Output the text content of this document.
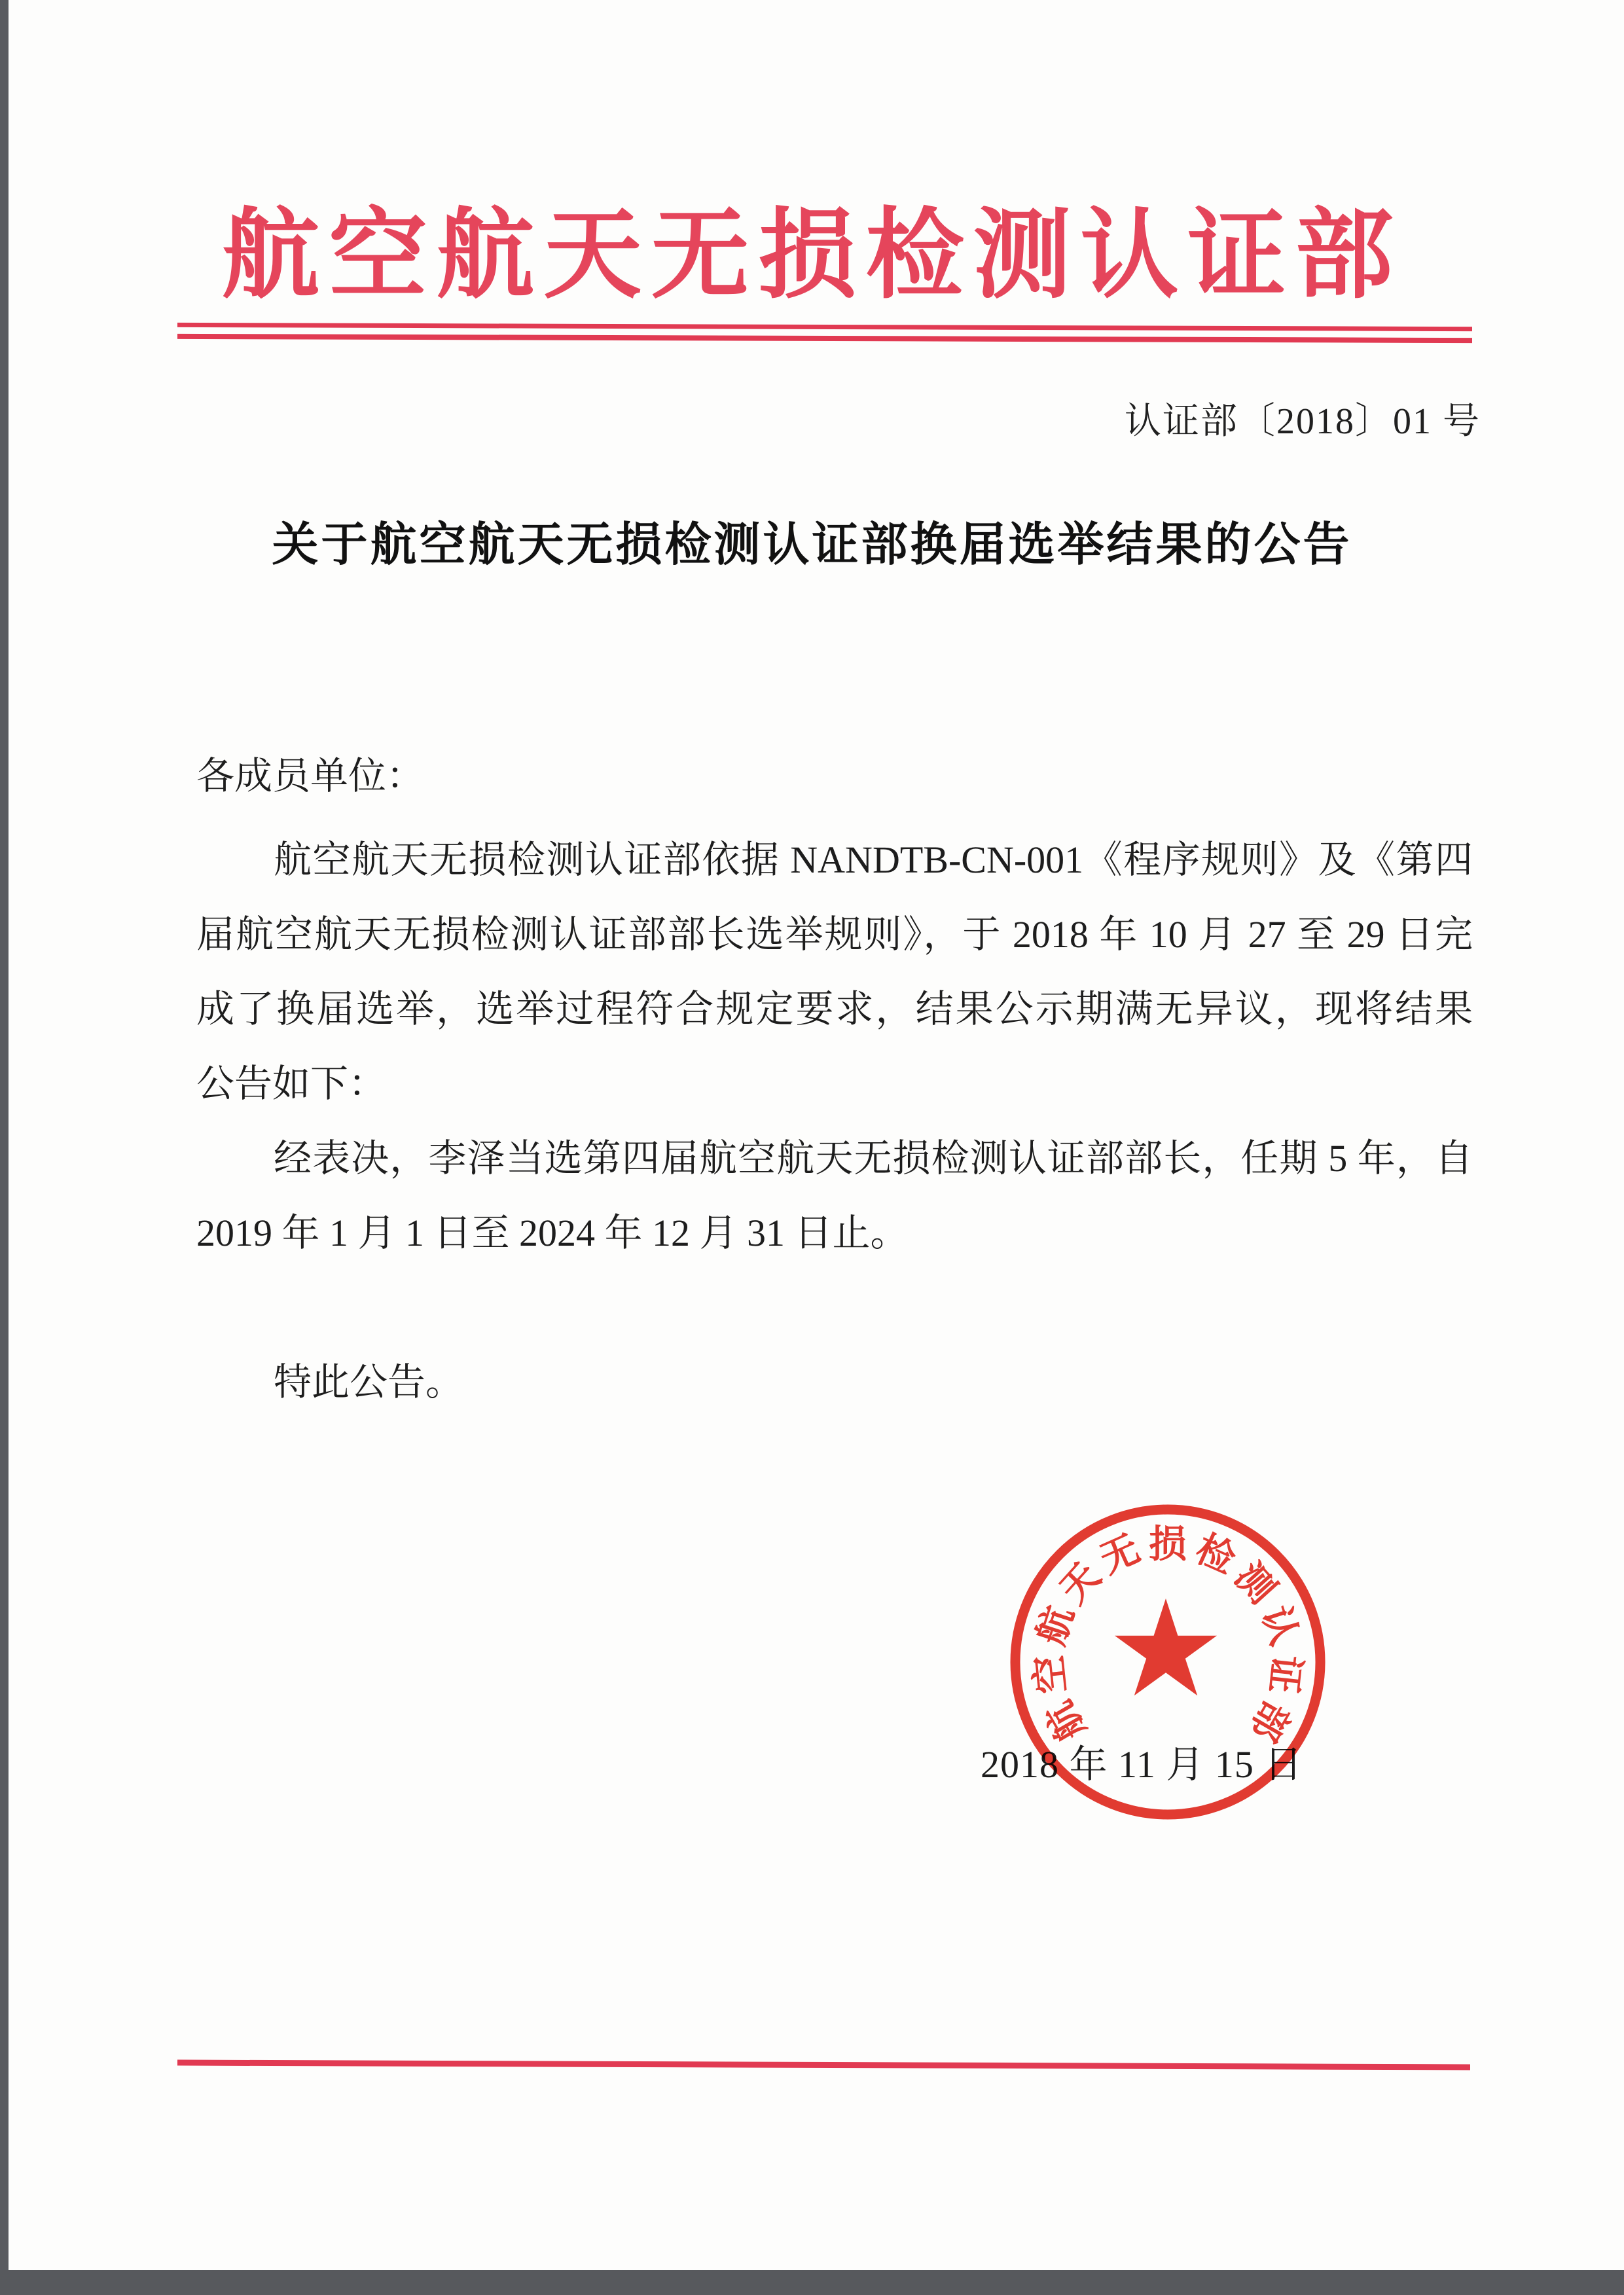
航空航天无损检测认证部
认证部〔2018〕01 号
关于航空航天无损检测认证部换届选举结果的公告
各成员单位：
航空航天无损检测认证部依据 NANDTB-CN-001《程序规则》及《第四
届航空航天无损检测认证部部长选举规则》，于 2018 年 10 月 27 至 29 日完
成了换届选举，选举过程符合规定要求，结果公示期满无异议，现将结果
公告如下：
经表决，李泽当选第四届航空航天无损检测认证部部长，任期 5 年，自
2019 年 1 月 1 日至 2024 年 12 月 31 日止。
特此公告。
2018 年 11 月 15 日
航
空
航
天
无 损 检
测
认
证
部
